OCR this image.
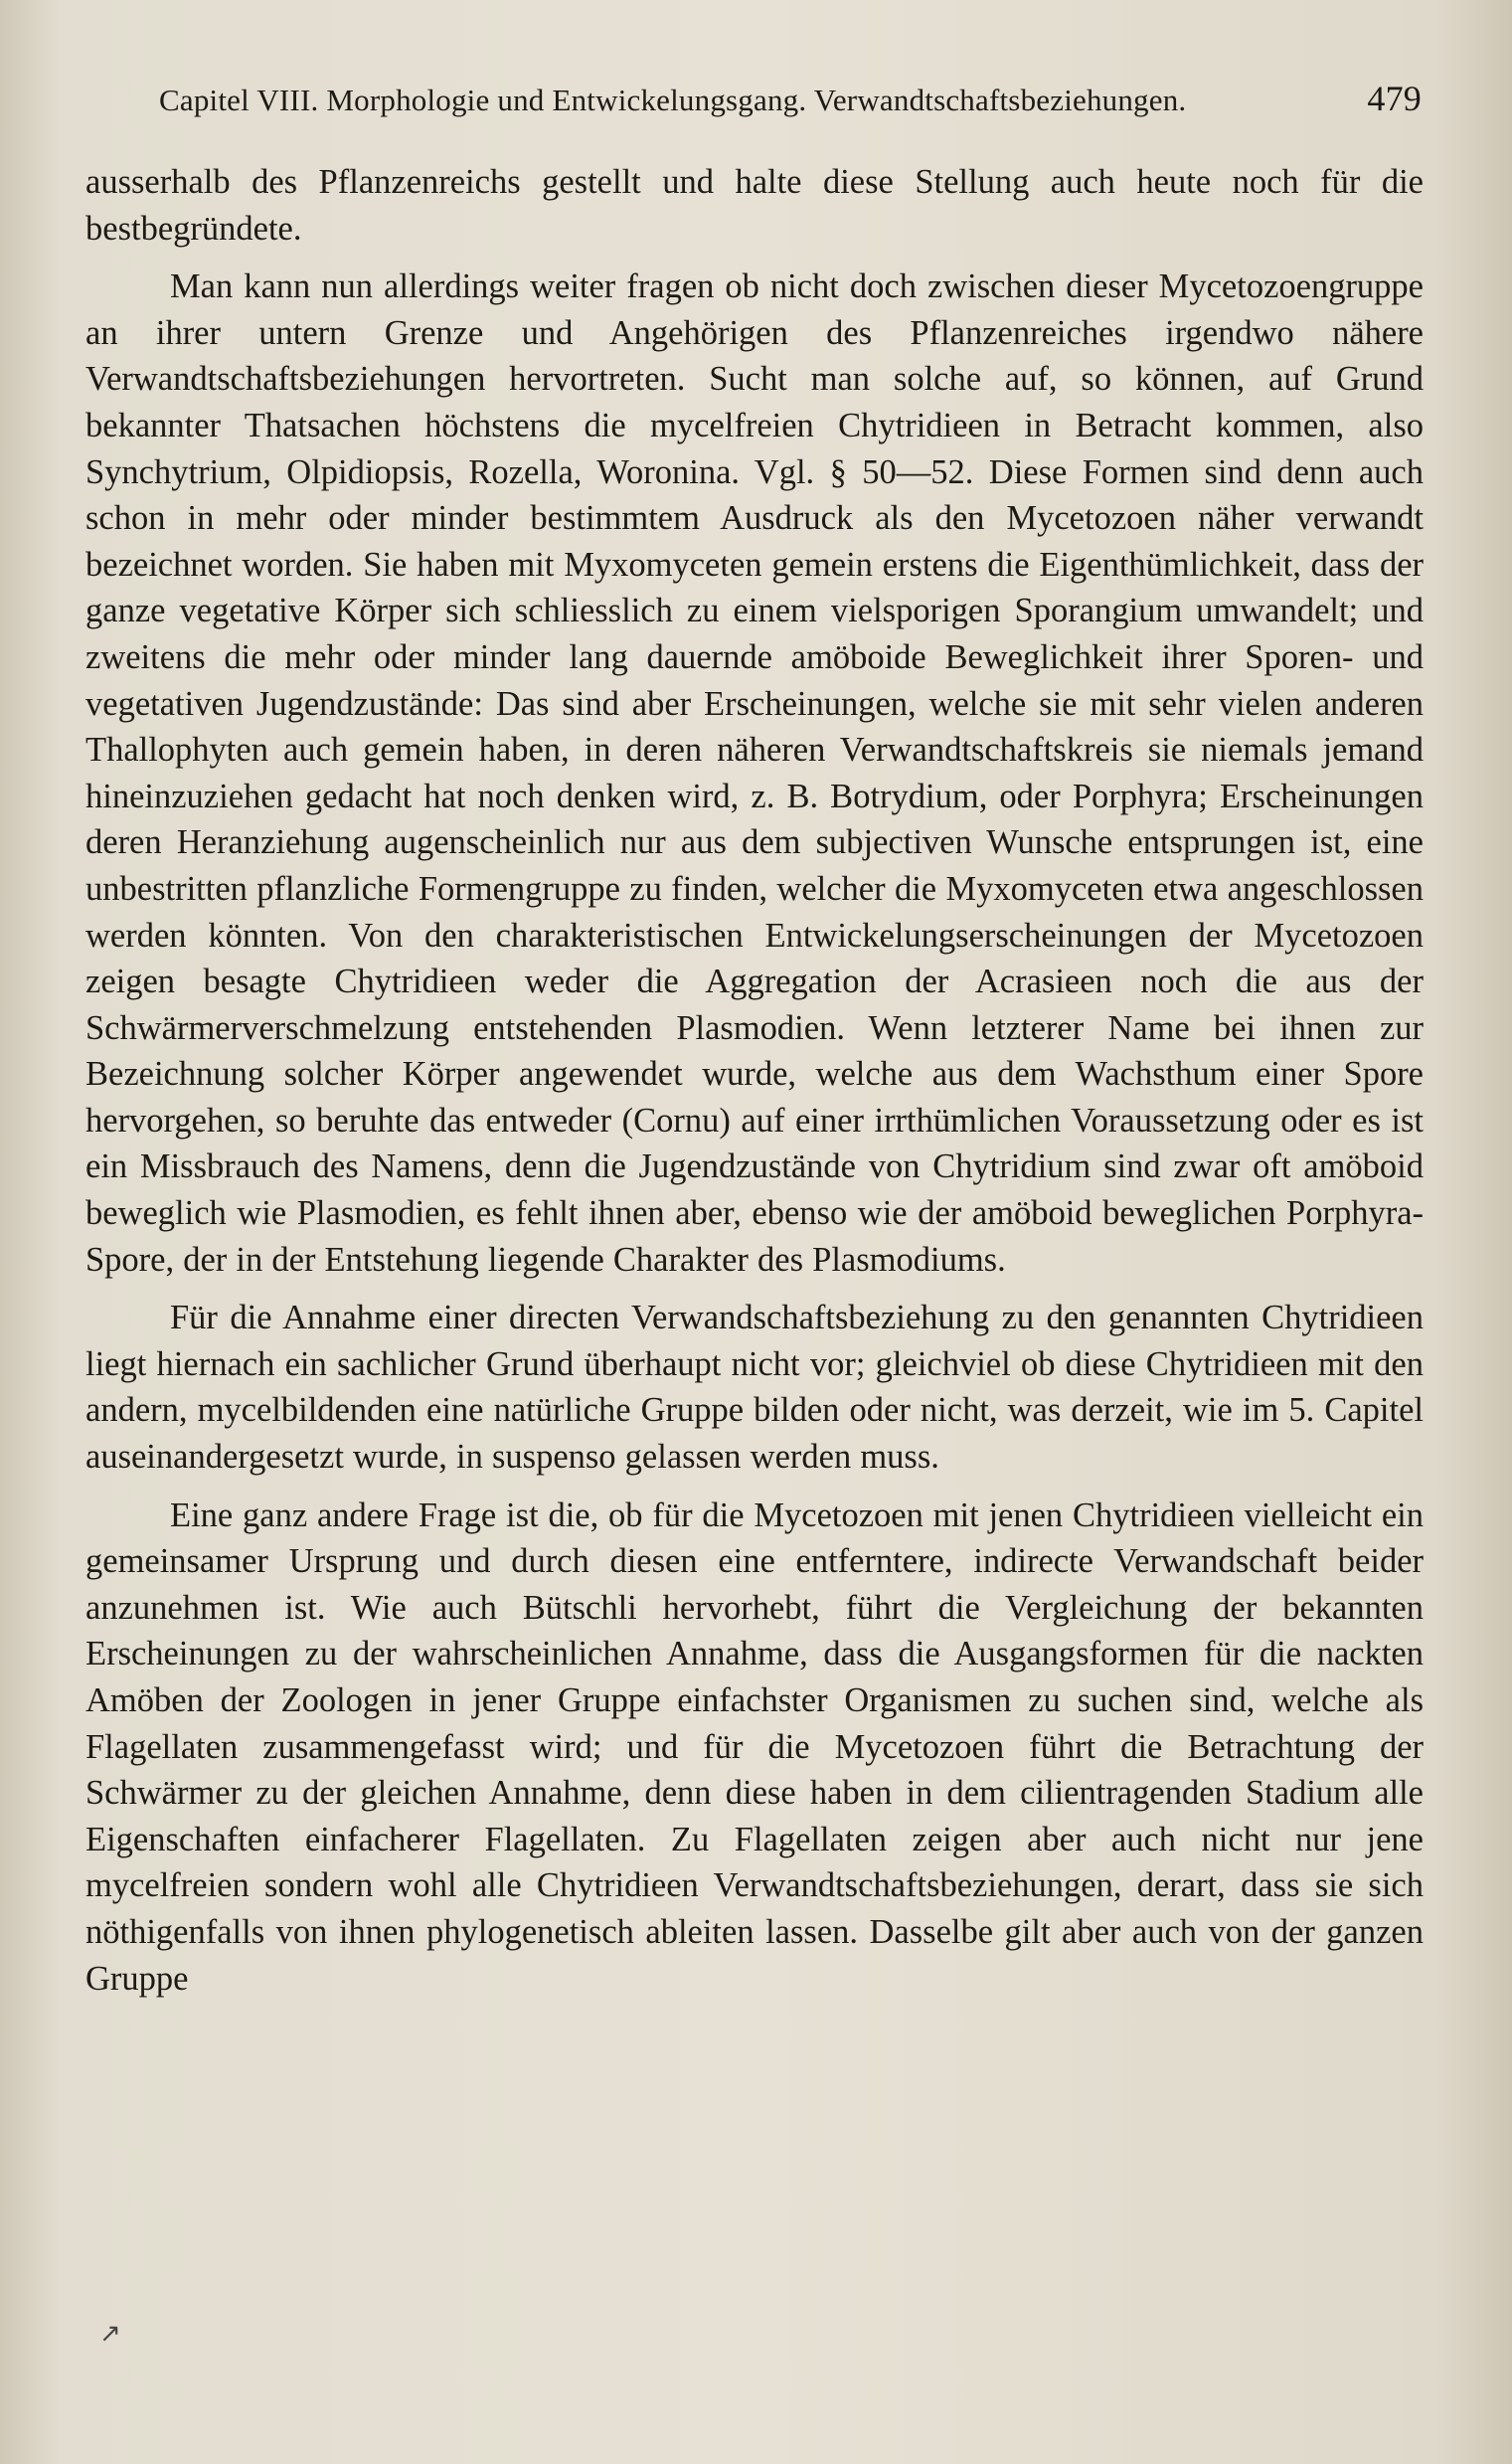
Capitel VIII. Morphologie und Entwickelungsgang. Verwandtschaftsbeziehungen.	479

ausserhalb des Pflanzenreichs gestellt und halte diese Stellung auch heute noch für die bestbegründete.

Man kann nun allerdings weiter fragen ob nicht doch zwischen dieser Mycetozoengruppe an ihrer untern Grenze und Angehörigen des Pflanzenreiches irgendwo nähere Verwandtschaftsbeziehungen hervortreten. Sucht man solche auf, so können, auf Grund bekannter Thatsachen höchstens die mycelfreien Chytridieen in Betracht kommen, also Synchytrium, Olpidiopsis, Rozella, Woronina. Vgl. § 50—52. Diese Formen sind denn auch schon in mehr oder minder bestimmtem Ausdruck als den Mycetozoen näher verwandt bezeichnet worden. Sie haben mit Myxomyceten gemein erstens die Eigenthümlichkeit, dass der ganze vegetative Körper sich schliesslich zu einem vielsporigen Sporangium umwandelt; und zweitens die mehr oder minder lang dauernde amöboide Beweglichkeit ihrer Sporen- und vegetativen Jugendzustände: Das sind aber Erscheinungen, welche sie mit sehr vielen anderen Thallophyten auch gemein haben, in deren näheren Verwandtschaftskreis sie niemals jemand hineinzuziehen gedacht hat noch denken wird, z. B. Botrydium, oder Porphyra; Erscheinungen deren Heranziehung augenscheinlich nur aus dem subjectiven Wunsche entsprungen ist, eine unbestritten pflanzliche Formengruppe zu finden, welcher die Myxomyceten etwa angeschlossen werden könnten. Von den charakteristischen Entwickelungserscheinungen der Mycetozoen zeigen besagte Chytridieen weder die Aggregation der Acrasieen noch die aus der Schwärmerverschmelzung entstehenden Plasmodien. Wenn letzterer Name bei ihnen zur Bezeichnung solcher Körper angewendet wurde, welche aus dem Wachsthum einer Spore hervorgehen, so beruhte das entweder (Cornu) auf einer irrthümlichen Voraussetzung oder es ist ein Missbrauch des Namens, denn die Jugendzustände von Chytridium sind zwar oft amöboid beweglich wie Plasmodien, es fehlt ihnen aber, ebenso wie der amöboid beweglichen Porphyra-Spore, der in der Entstehung liegende Charakter des Plasmodiums.

Für die Annahme einer directen Verwandschaftsbeziehung zu den genannten Chytridieen liegt hiernach ein sachlicher Grund überhaupt nicht vor; gleichviel ob diese Chytridieen mit den andern, mycelbildenden eine natürliche Gruppe bilden oder nicht, was derzeit, wie im 5. Capitel auseinandergesetzt wurde, in suspenso gelassen werden muss.

Eine ganz andere Frage ist die, ob für die Mycetozoen mit jenen Chytridieen vielleicht ein gemeinsamer Ursprung und durch diesen eine entferntere, indirecte Verwandschaft beider anzunehmen ist. Wie auch Bütschli hervorhebt, führt die Vergleichung der bekannten Erscheinungen zu der wahrscheinlichen Annahme, dass die Ausgangsformen für die nackten Amöben der Zoologen in jener Gruppe einfachster Organismen zu suchen sind, welche als Flagellaten zusammengefasst wird; und für die Mycetozoen führt die Betrachtung der Schwärmer zu der gleichen Annahme, denn diese haben in dem cilientragenden Stadium alle Eigenschaften einfacherer Flagellaten. Zu Flagellaten zeigen aber auch nicht nur jene mycelfreien sondern wohl alle Chytridieen Verwandtschaftsbeziehungen, derart, dass sie sich nöthigenfalls von ihnen phylogenetisch ableiten lassen. Dasselbe gilt aber auch von der ganzen Gruppe

↗
